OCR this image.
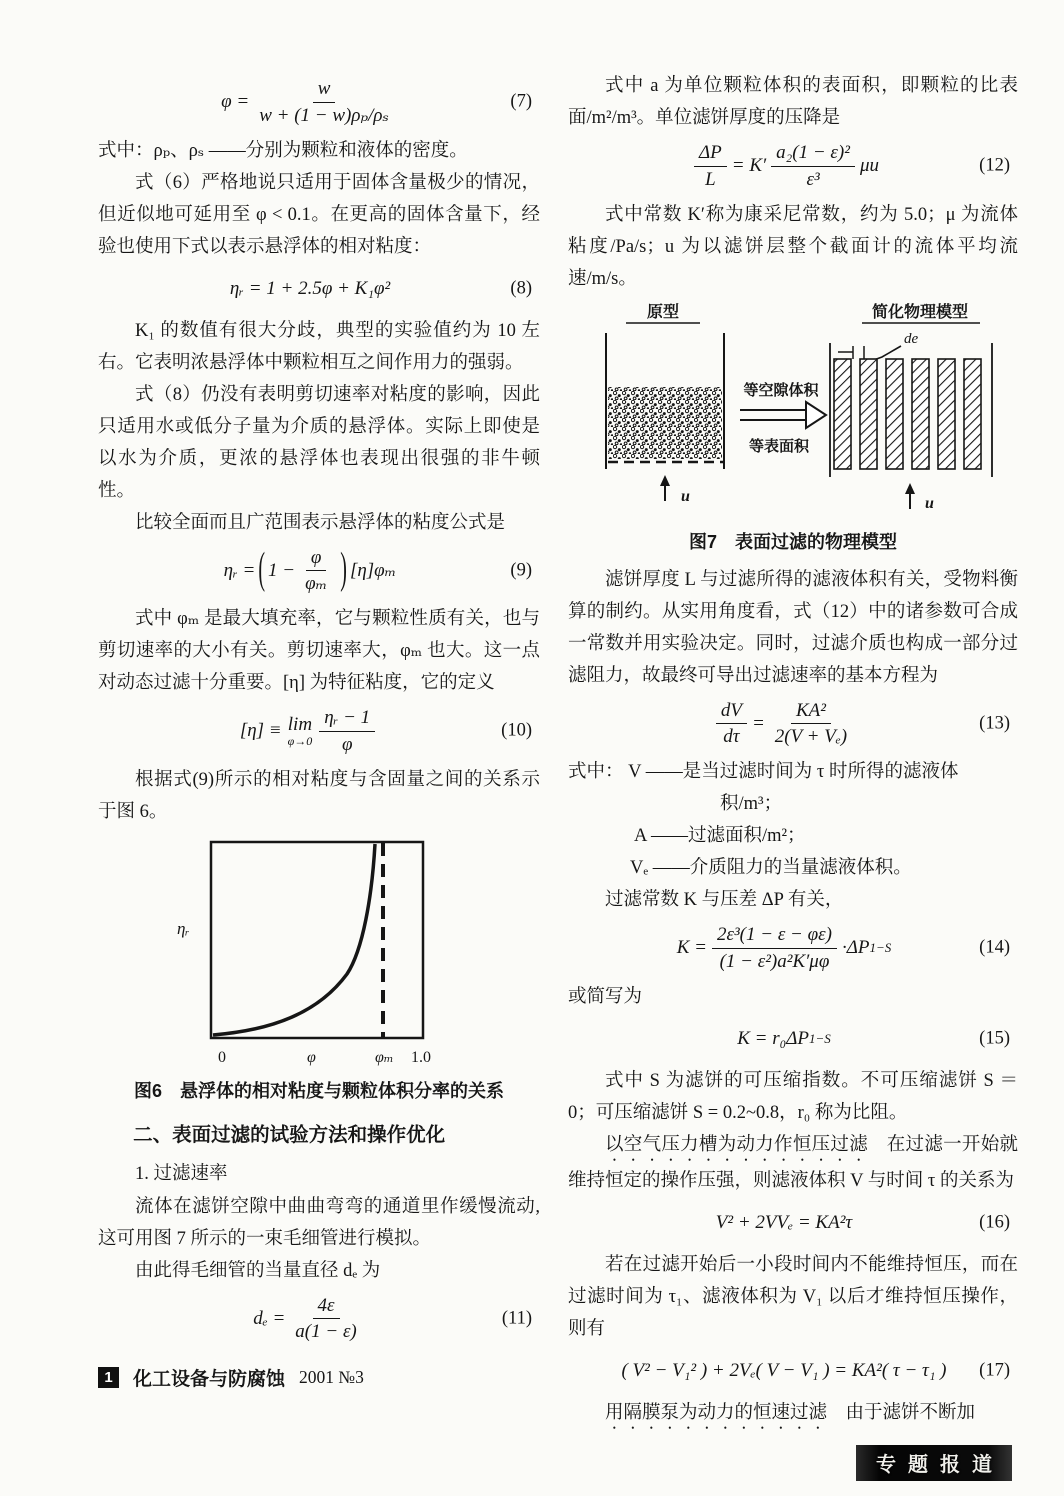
$\varphi = \frac{w}{\text{w + (1 − w)ρₚ/ρₛ}}$	(7)

式中：ρₚ、ρₛ ——分别为颗粒和液体的密度。

式（6）严格地说只适用于固体含量极少的情况，但近似地可延用至 φ < 0.1。在更高的固体含量下，经验也使用下式以表示悬浮体的相对粘度：

ηᵣ = 1 + 2.5φ + K₁φ²	(8)

K₁ 的数值有很大分歧，典型的实验值约为 10 左右。它表明浓悬浮体中颗粒相互之间作用力的强弱。

式（8）仍没有表明剪切速率对粘度的影响，因此只适用水或低分子量为介质的悬浮体。实际上即使是以水为介质，更浓的悬浮体也表现出很强的非牛顿性。

比较全面而且广范围表示悬浮体的粘度公式是

ηᵣ = ( $1 - \frac{\varphi}{\text{φₘ}}$ ) [η]φₘ	(9)

式中 φₘ 是最大填充率，它与颗粒性质有关，也与剪切速率的大小有关。剪切速率大，φₘ 也大。这一点对动态过滤十分重要。[η] 为特征粘度，它的定义

[η] ≡ lim
$\varphi\to 0 \frac{\text{ηᵣ − 1}}{\varphi}$	(10)

根据式(9)所示的相对粘度与含固量之间的关系示于图 6。

ηᵣ
0	φ	φₘ 1.0
图6　悬浮体的相对粘度与颗粒体积分率的关系
二、表面过滤的试验方法和操作优化
1. 过滤速率

流体在滤饼空隙中曲曲弯弯的通道里作缓慢流动,这可用图 7 所示的一束毛细管进行模拟。

由此得毛细管的当量直径 dₑ 为

$d_e = \frac{4\varepsilon}{a(1 - \varepsilon)}$	(11)
1	化工设备与防腐蚀 2001 №3

式中 a 为单位颗粒体积的表面积，即颗粒的比表面/m²/m³。单位滤饼厚度的压降是

$\frac{\Delta P}{L} = K' \frac{\text{a₂(1 − ε)²}}{\text{ε³}}$ μu	(12)

式中常数 K′称为康采尼常数，约为 5.0；μ 为流体粘度/Pa/s；u 为以滤饼层整个截面计的流体平均流速/m/s。

原型
u
等空隙体积
等表面积
简化物理模型
de
u
图7　表面过滤的物理模型

滤饼厚度 L 与过滤所得的滤液体积有关，受物料衡算的制约。从实用角度看，式（12）中的诸参数可合成一常数并用实验决定。同时，过滤介质也构成一部分过滤阻力，故最终可导出过滤速率的基本方程为

$\frac{dV}{d\tau} = \frac{\text{KA²}}{\text{2(V + Vₑ)}}$	(13)

式中： V ——是当过滤时间为 τ 时所得的滤液体

积/m³；

A ——过滤面积/m²；

Vₑ ——介质阻力的当量滤液体积。

过滤常数 K 与压差 ΔP 有关，

$K = \frac{\text{2ε³(1 − ε − φε)}}{\text{(1 − ε²)a²K′μφ}} \cdot\Delta P$ 1−S	(14)

或简写为

K = r₀ΔP 1−S	(15)

式中 S 为滤饼的可压缩指数。不可压缩滤饼 S ＝0；可压缩滤饼 S = 0.2~0.8，r₀ 称为比阻。

以空气压力槽为动力作恒压过滤　在过滤一开始就维持恒定的操作压强，则滤液体积 V 与时间 τ 的关系为

V² + 2VVₑ = KA²τ	(16)

若在过滤开始后一小段时间内不能维持恒压，而在过滤时间为 τ₁、滤液体积为 V₁ 以后才维持恒压操作，则有

( V² − V₁² ) + 2Vₑ( V − V₁ ) = KA²( τ − τ₁ ) (17)

用隔膜泵为动力的恒速过滤　由于滤饼不断加

专题报道
